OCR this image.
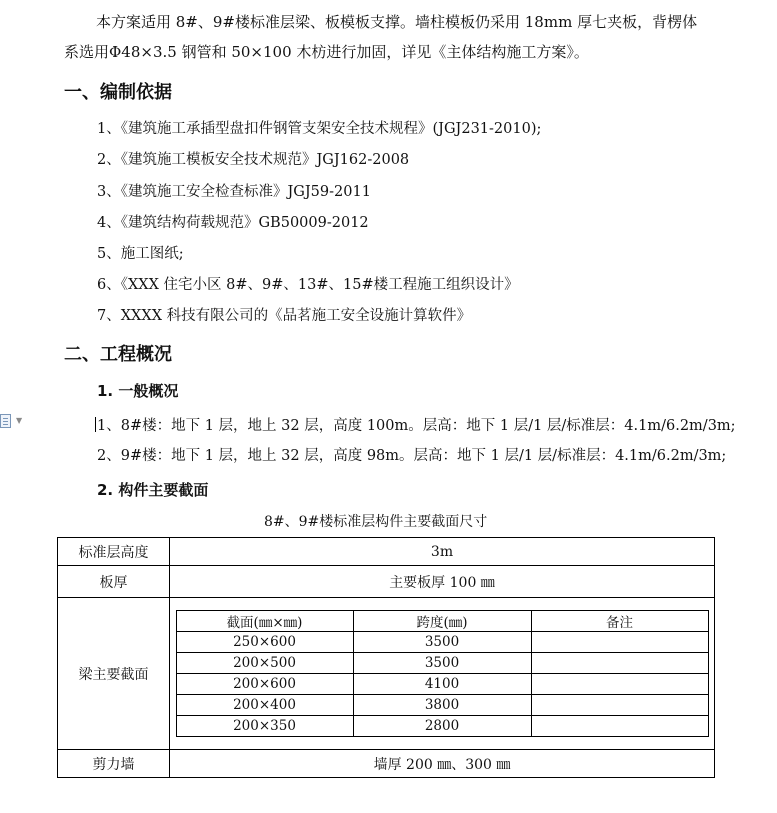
本方案适用 8#、9#楼标准层梁、板模板支撑。墙柱模板仍采用 18mm 厚七夹板，背楞体
系选用Φ48×3.5 钢管和 50×100 木枋进行加固，详见《主体结构施工方案》。
一、编制依据
1、《建筑施工承插型盘扣件钢管支架安全技术规程》(JGJ231-2010);
2、《建筑施工模板安全技术规范》JGJ162-2008
3、《建筑施工安全检查标准》JGJ59-2011
4、《建筑结构荷载规范》GB50009-2012
5、施工图纸;
6、《XXX 住宅小区 8#、9#、13#、15#楼工程施工组织设计》
7、XXXX 科技有限公司的《品茗施工安全设施计算软件》
二、工程概况
1. 一般概况
▼	1、8#楼：地下 1 层，地上 32 层，高度 100m。层高：地下 1 层/1 层/标准层：4.1m/6.2m/3m;
2、9#楼：地下 1 层，地上 32 层，高度 98m。层高：地下 1 层/1 层/标准层：4.1m/6.2m/3m;
2. 构件主要截面
8#、9#楼标准层构件主要截面尺寸
标准层高度	3m
板厚	主要板厚 100 ㎜
梁主要截面	
截面(㎜×㎜)	跨度(㎜)	备注
250×600	3500	
200×500	3500	
200×600	4100	
200×400	3800	
200×350	2800	

剪力墙	墙厚 200 ㎜、300 ㎜
